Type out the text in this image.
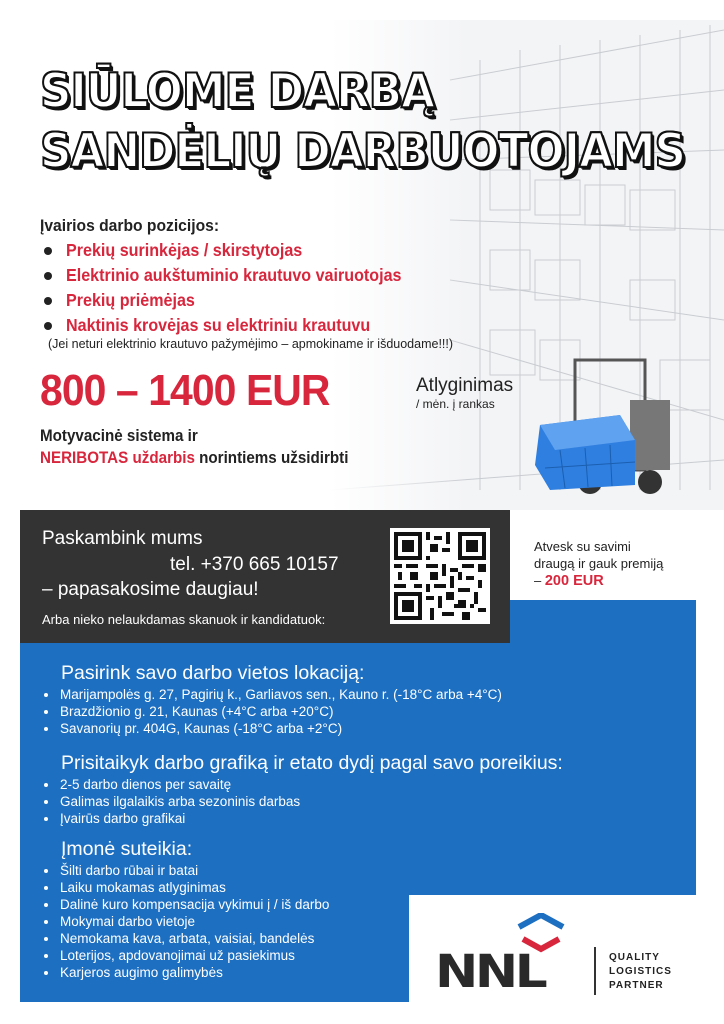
SIŪLOME DARBĄ
SANDĖLIŲ DARBUOTOJAMS
Įvairios darbo pozicijos:
Prekių surinkėjas / skirstytojas
Elektrinio aukštuminio krautuvo vairuotojas
Prekių priėmėjas
Naktinis krovėjas su elektriniu krautuvu
(Jei neturi elektrinio krautuvo pažymėjimo – apmokiname ir išduodame!!!)
800 – 1400 EUR	Atlyginimas
/ mėn. į rankas
Motyvacinė sistema ir
NERIBOTAS uždarbis norintiems užsidirbti
Paskambink mums
tel. +370 665 10157
– papasakosime daugiau!
Arba nieko nelaukdamas skanuok ir kandidatuok:
Atvesk su savimi
draugą ir gauk premiją
– 200 EUR
Pasirink savo darbo vietos lokaciją:
Marijampolės g. 27, Pagirių k., Garliavos sen., Kauno r. (-18°C arba +4°C)
Brazdžionio g. 21, Kaunas (+4°C arba +20°C)
Savanorių pr. 404G, Kaunas (-18°C arba +2°C)
Prisitaikyk darbo grafiką ir etato dydį pagal savo poreikius:
2-5 darbo dienos per savaitę
Galimas ilgalaikis arba sezoninis darbas
Įvairūs darbo grafikai
Įmonė suteikia:
Šilti darbo rūbai ir batai
Laiku mokamas atlyginimas
Dalinė kuro kompensacija vykimui į / iš darbo
Mokymai darbo vietoje
Nemokama kava, arbata, vaisiai, bandelės
Loterijos, apdovanojimai už pasiekimus
Karjeros augimo galimybės	NNL	QUALITY
LOGISTICS
PARTNER
